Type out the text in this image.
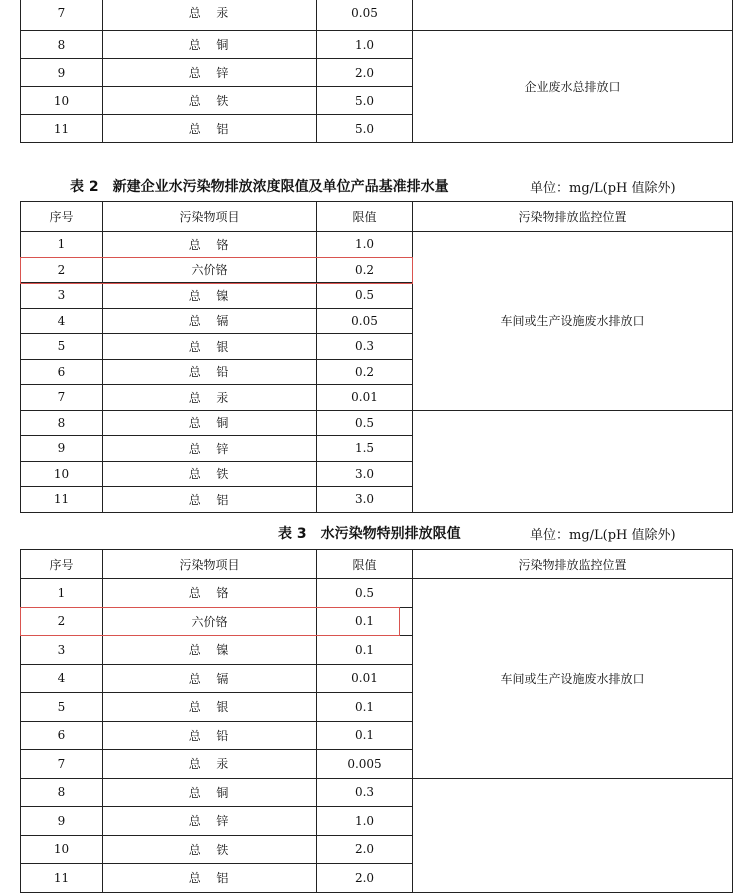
7	总　汞	0.05	
8	总　铜	1.0	企业废水总排放口
9	总　锌	2.0	
10	总　铁	5.0	
11	总　铝	5.0	
表 2　新建企业水污染物排放浓度限值及单位产品基准排水量	单位：mg/L(pH 值除外)
序号	污染物项目	限值	污染物排放监控位置
1	总　铬	1.0	车间或生产设施废水排放口
2	六价铬	0.2	
3	总　镍	0.5	
4	总　镉	0.05	
5	总　银	0.3	
6	总　铅	0.2	
7	总　汞	0.01	
8	总　铜	0.5	
9	总　锌	1.5	
10	总　铁	3.0	
11	总　铝	3.0	
表 3　水污染物特别排放限值	单位：mg/L(pH 值除外)
序号	污染物项目	限值	污染物排放监控位置
1	总　铬	0.5	车间或生产设施废水排放口
2	六价铬	0.1	
3	总　镍	0.1	
4	总　镉	0.01	
5	总　银	0.1	
6	总　铅	0.1	
7	总　汞	0.005	
8	总　铜	0.3	
9	总　锌	1.0	
10	总　铁	2.0	
11	总　铝	2.0	
